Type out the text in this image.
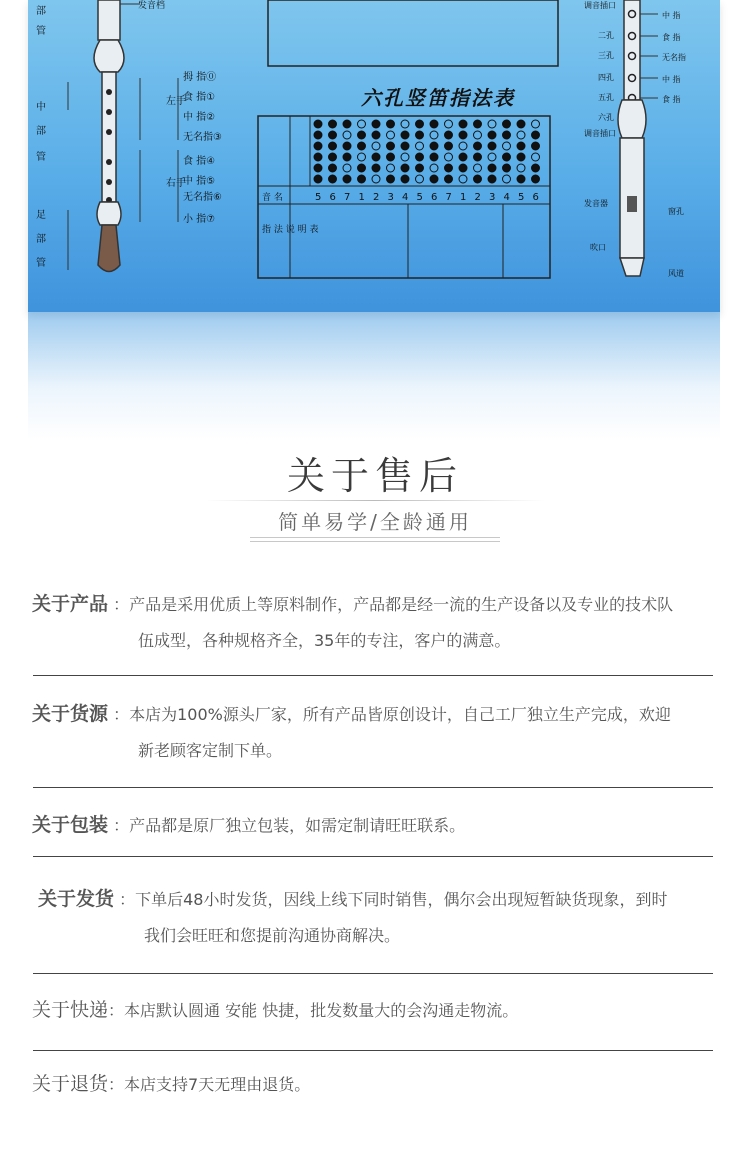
部
管
中
部
管
足
部
管
发音档
拇 指⓪
食 指①
中 指②
无名指③
食 指④
中 指⑤
无名指⑥
小 指⑦
左手
右手
音 名
指 法 说 明 表
调音插口
二孔
三孔
四孔
五孔
六孔
调音插口
发音器
吹口
窗孔
风道
中 指
食 指
无名指
中 指
食 指
5 6 7 1 2 3 4 5 6 7 1 2 3 4 5 6
六孔竖笛指法表
关于售后
简单易学/全龄通用
关于产品 ：产品是采用优质上等原料制作，产品都是经一流的生产设备以及专业的技术队
伍成型，各种规格齐全，35年的专注，客户的满意。
关于货源 ：本店为100%源头厂家，所有产品皆原创设计，自己工厂独立生产完成，欢迎
新老顾客定制下单。
关于包装 ：产品都是原厂独立包装，如需定制请旺旺联系。
关于发货 ：下单后48小时发货，因线上线下同时销售，偶尔会出现短暂缺货现象，到时
我们会旺旺和您提前沟通协商解决。
关于快递：本店默认圆通 安能 快捷，批发数量大的会沟通走物流。
关于退货：本店支持7天无理由退货。
